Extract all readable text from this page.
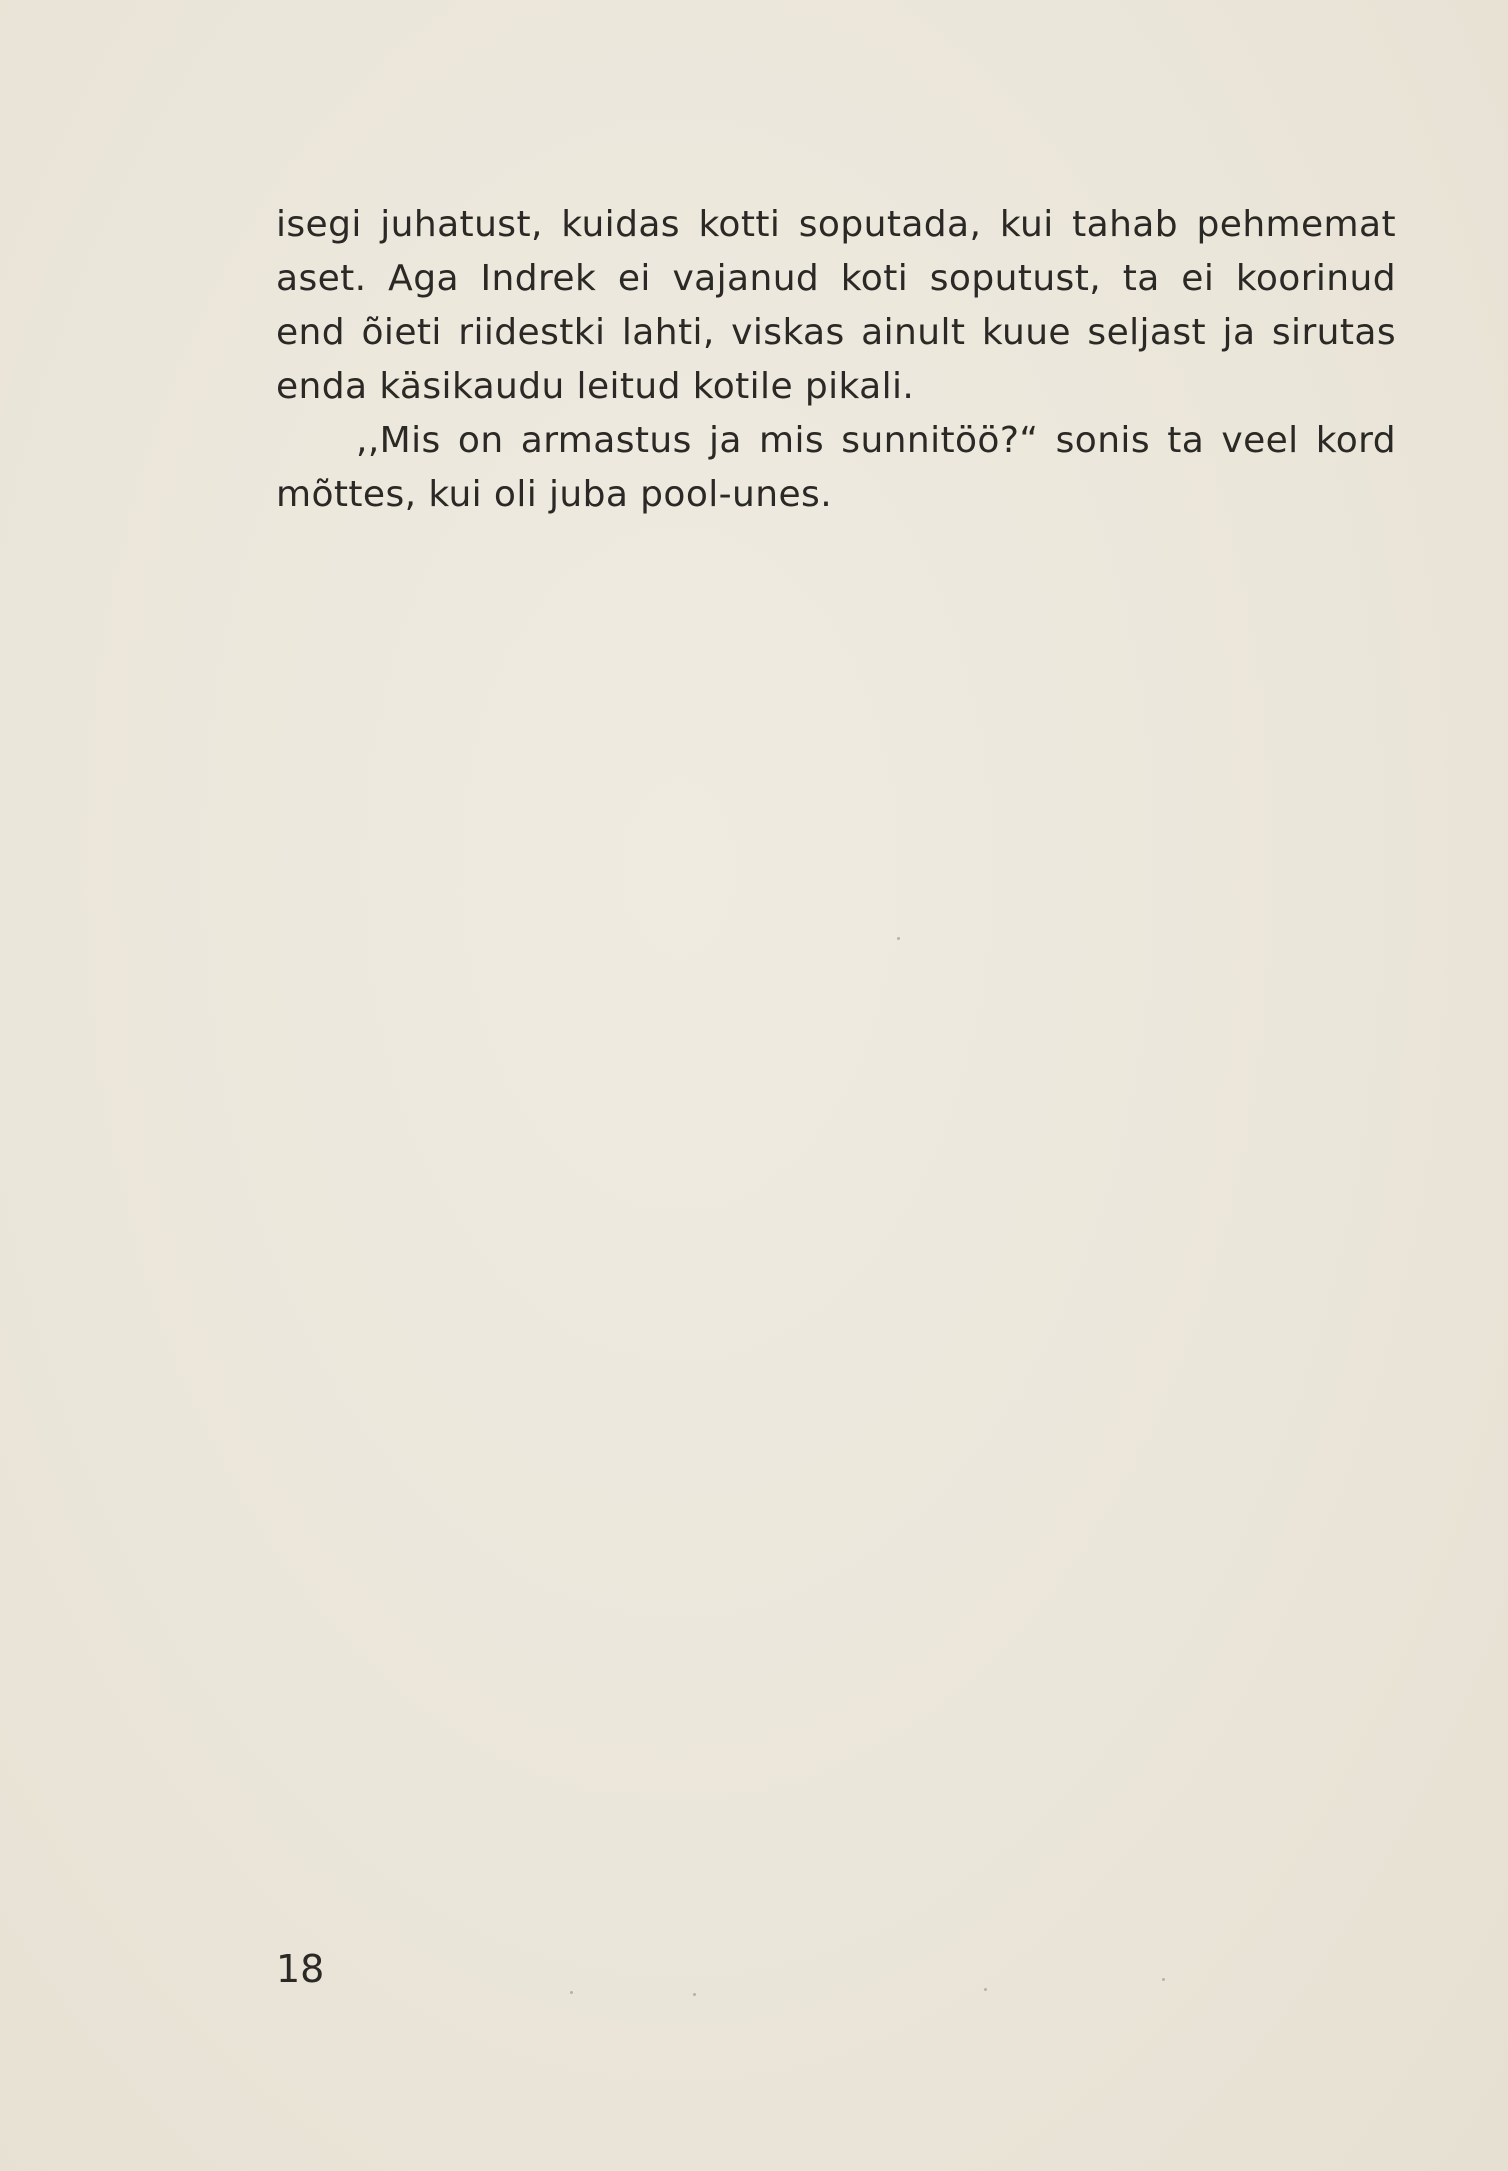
isegi juhatust, kuidas kotti soputada, kui tahab pehmemat
aset. Aga Indrek ei vajanud koti soputust, ta ei koorinud
end õieti riidestki lahti, viskas ainult kuue seljast ja sirutas
enda käsikaudu leitud kotile pikali.
,,Mis on armastus ja mis sunnitöö?“ sonis ta veel kord
mõttes, kui oli juba pool-unes.
18
